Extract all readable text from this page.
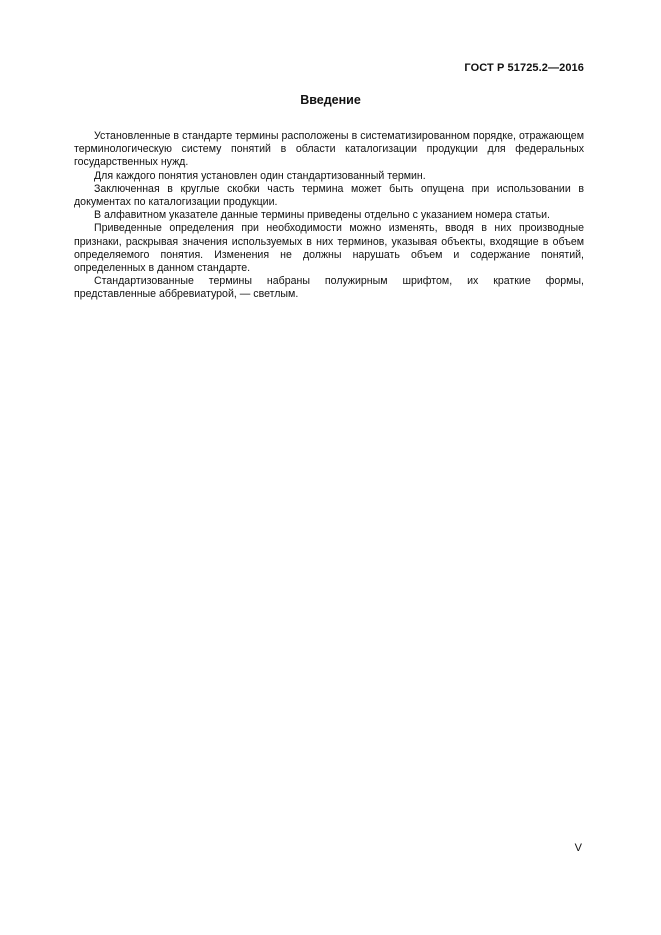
ГОСТ Р 51725.2—2016
Введение

Установленные в стандарте термины расположены в систематизированном порядке, отражающем терминологическую систему понятий в области каталогизации продукции для федеральных государственных нужд.

Для каждого понятия установлен один стандартизованный термин.

Заключенная в круглые скобки часть термина может быть опущена при использовании в документах по каталогизации продукции.

В алфавитном указателе данные термины приведены отдельно с указанием номера статьи.

Приведенные определения при необходимости можно изменять, вводя в них производные признаки, раскрывая значения используемых в них терминов, указывая объекты, входящие в объем определяемого понятия. Изменения не должны нарушать объем и содержание понятий, определенных в данном стандарте.

Стандартизованные термины набраны полужирным шрифтом, их краткие формы, представленные аббревиатурой, — светлым.

V
